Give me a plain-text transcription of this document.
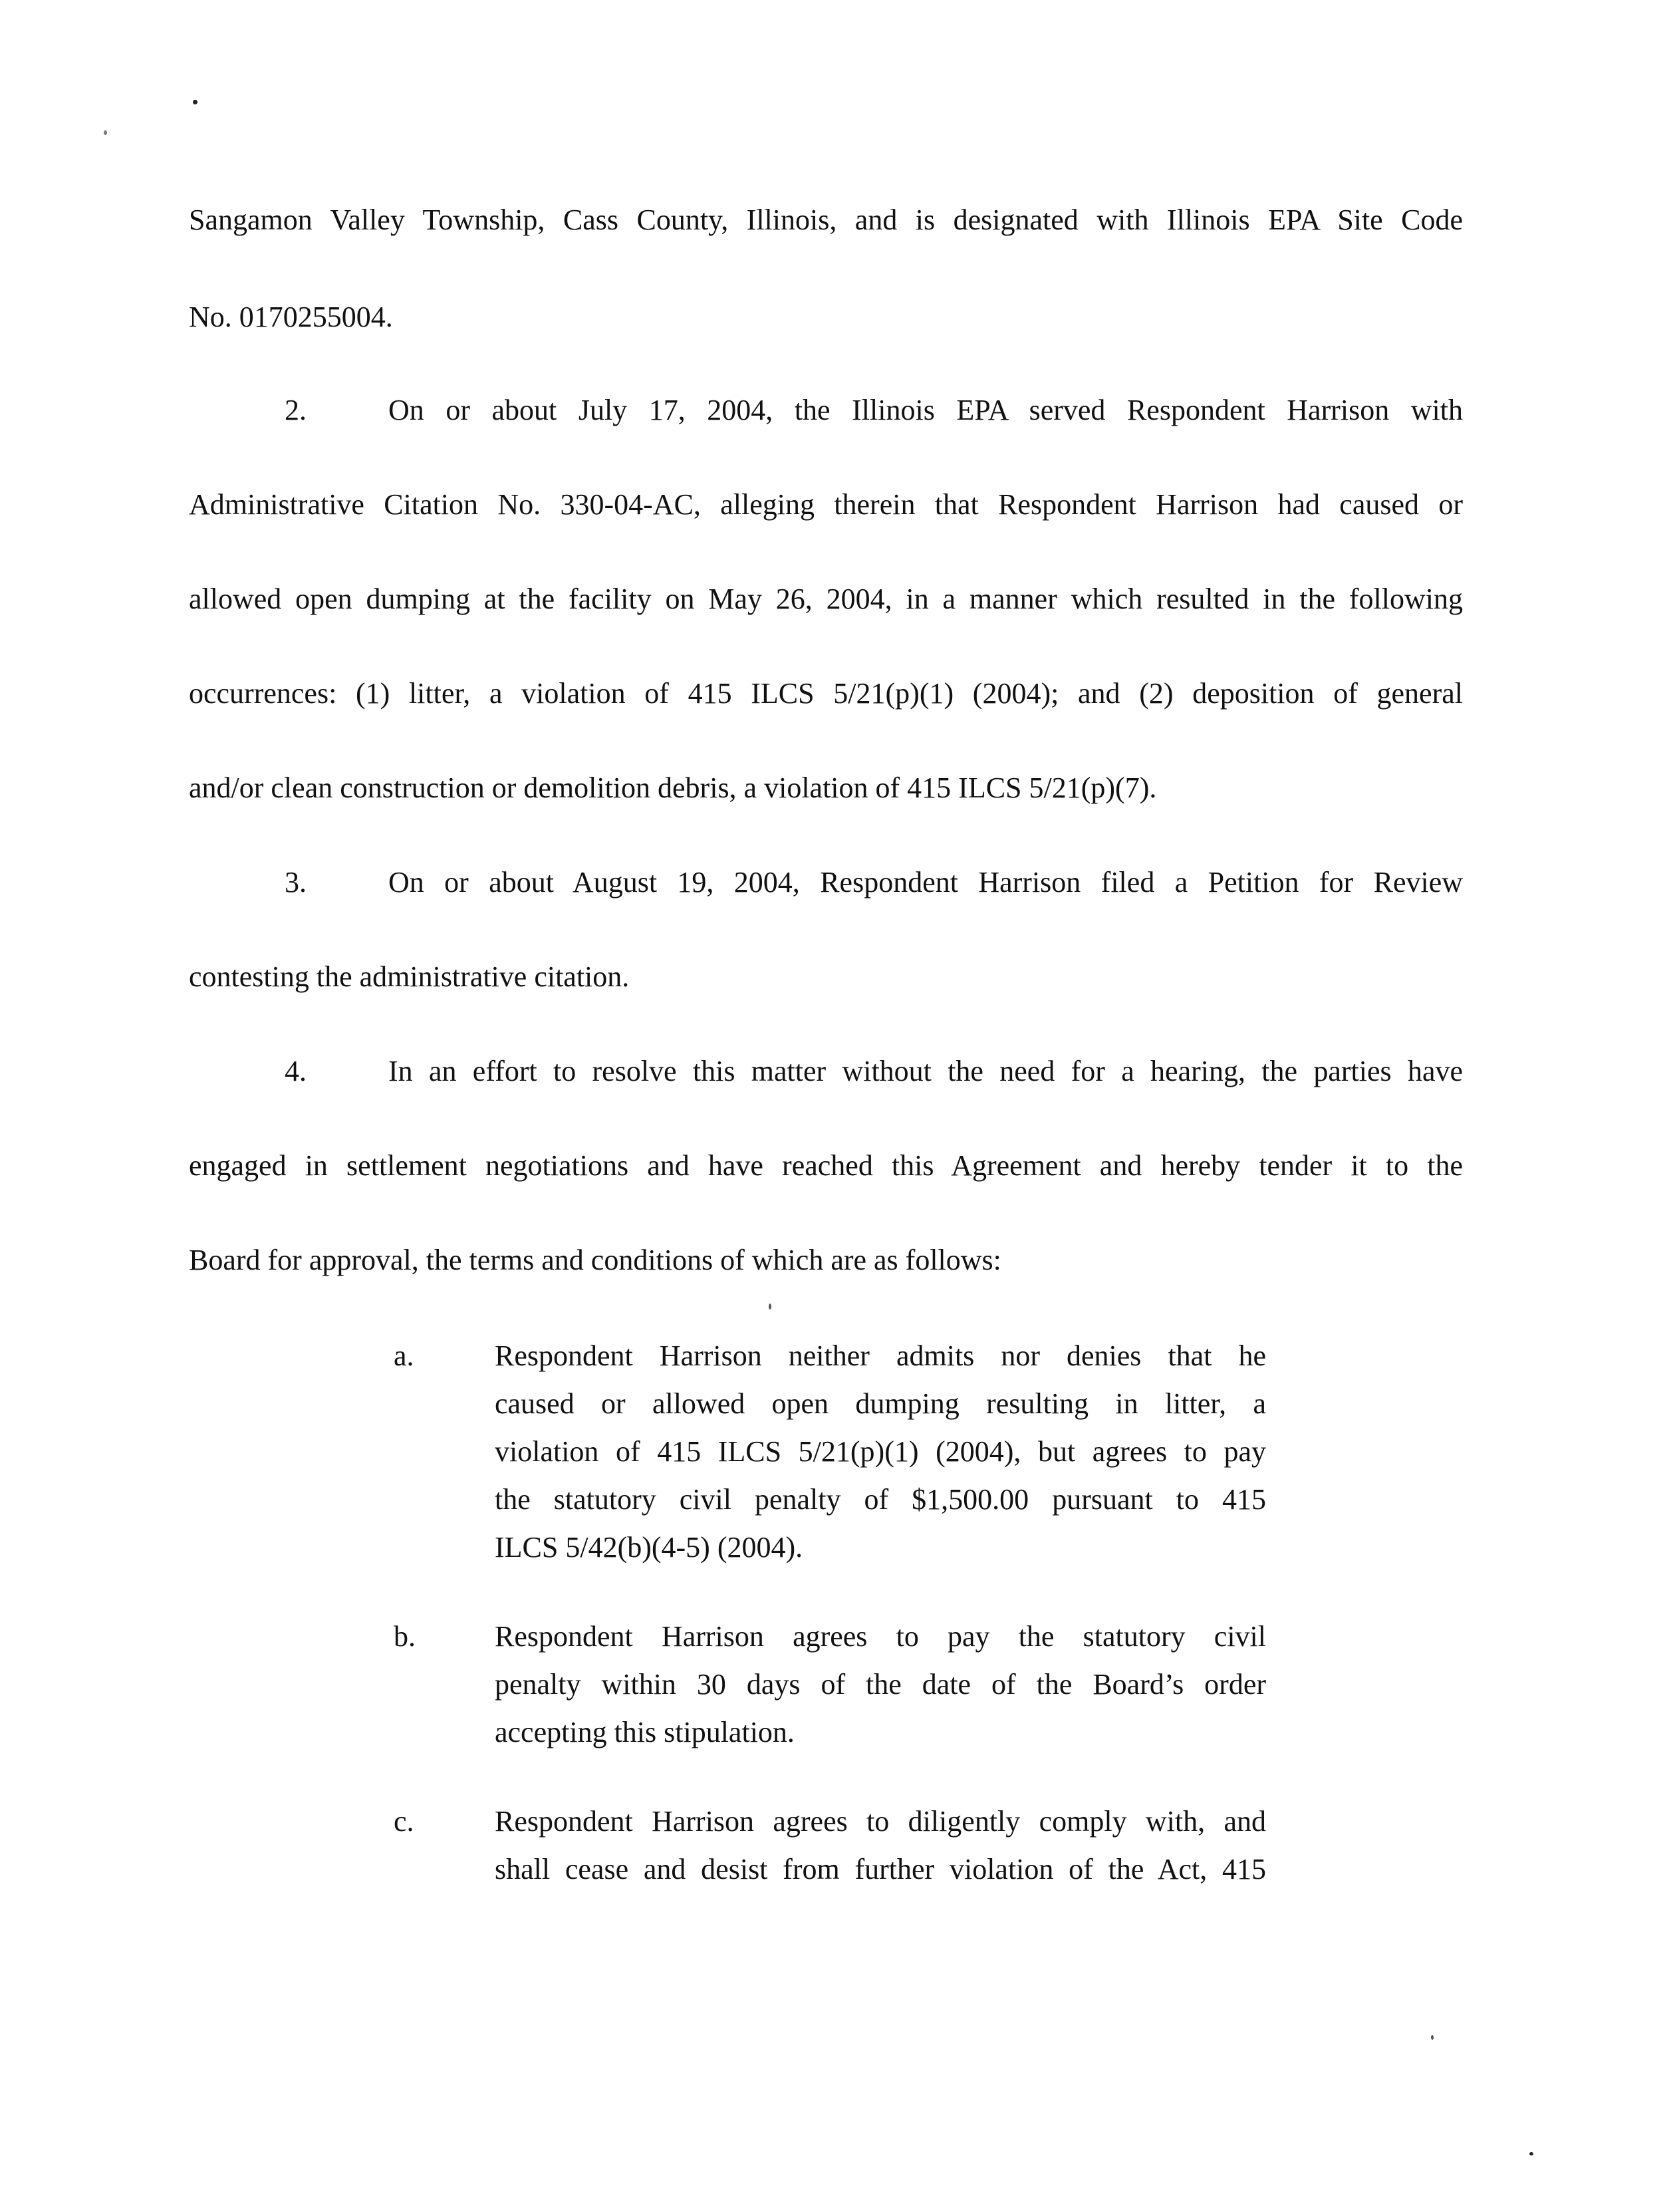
Sangamon Valley Township, Cass County, Illinois, and is designated with Illinois EPA Site Code
No. 0170255004.
2.	On or about July 17, 2004, the Illinois EPA served Respondent Harrison with
Administrative Citation No. 330-04-AC, alleging therein that Respondent Harrison had caused or
allowed open dumping at the facility on May 26, 2004, in a manner which resulted in the following
occurrences: (1) litter, a violation of 415 ILCS 5/21(p)(1) (2004); and (2) deposition of general
and/or clean construction or demolition debris, a violation of 415 ILCS 5/21(p)(7).
3.	On or about August 19, 2004, Respondent Harrison filed a Petition for Review
contesting the administrative citation.
4.	In an effort to resolve this matter without the need for a hearing, the parties have
engaged in settlement negotiations and have reached this Agreement and hereby tender it to the
Board for approval, the terms and conditions of which are as follows:
a.	Respondent Harrison neither admits nor denies that he
caused or allowed open dumping resulting in litter, a
violation of 415 ILCS 5/21(p)(1) (2004), but agrees to pay
the statutory civil penalty of $1,500.00 pursuant to 415
ILCS 5/42(b)(4-5) (2004).
b.	Respondent Harrison agrees to pay the statutory civil
penalty within 30 days of the date of the Board’s order
accepting this stipulation.
c.	Respondent Harrison agrees to diligently comply with, and
shall cease and desist from further violation of the Act, 415
